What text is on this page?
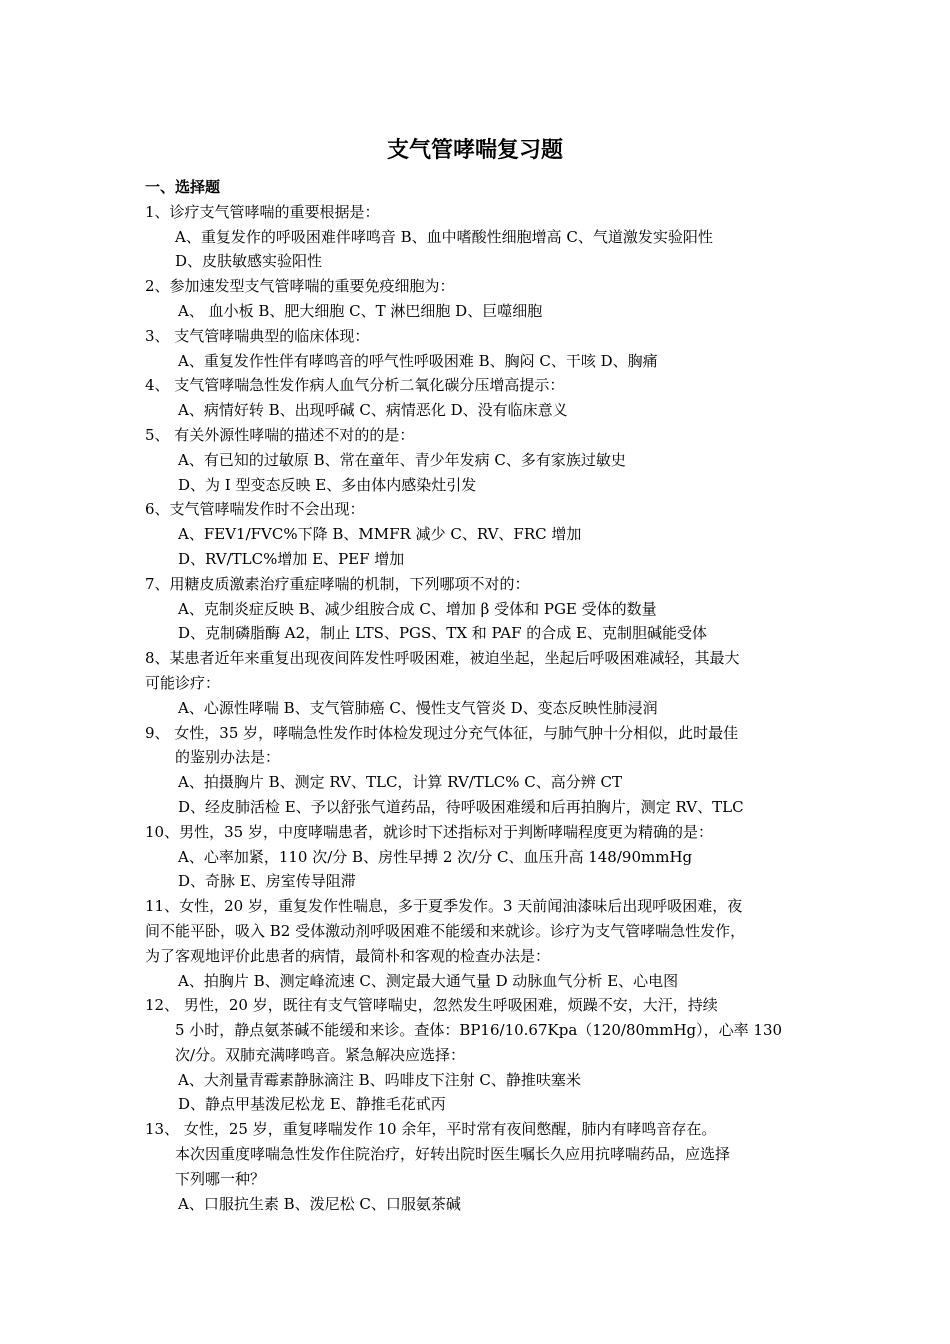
支气管哮喘复习题
一、选择题
1、诊疗支气管哮喘的重要根据是：
A、重复发作的呼吸困难伴哮鸣音 B、血中嗜酸性细胞增高 C、气道激发实验阳性
D、皮肤敏感实验阳性
2、参加速发型支气管哮喘的重要免疫细胞为：
A、 血小板 B、肥大细胞 C、T 淋巴细胞 D、巨噬细胞
3、 支气管哮喘典型的临床体现：
A、重复发作性伴有哮鸣音的呼气性呼吸困难 B、胸闷 C、干咳 D、胸痛
4、 支气管哮喘急性发作病人血气分析二氧化碳分压增高提示：
A、病情好转 B、出现呼碱 C、病情恶化 D、没有临床意义
5、 有关外源性哮喘的描述不对的的是：
A、有已知的过敏原 B、常在童年、青少年发病 C、多有家族过敏史
D、为 I 型变态反映 E、多由体内感染灶引发
6、支气管哮喘发作时不会出现：
A、FEV1/FVC%下降 B、MMFR 减少 C、RV、FRC 增加
D、RV/TLC%增加 E、PEF 增加
7、用糖皮质激素治疗重症哮喘的机制，下列哪项不对的：
A、克制炎症反映 B、减少组胺合成 C、增加 β 受体和 PGE 受体的数量
D、克制磷脂酶 A2，制止 LTS、PGS、TX 和 PAF 的合成 E、克制胆碱能受体
8、某患者近年来重复出现夜间阵发性呼吸困难，被迫坐起，坐起后呼吸困难减轻，其最大
可能诊疗：
A、心源性哮喘 B、支气管肺癌 C、慢性支气管炎 D、变态反映性肺浸润
9、 女性，35 岁，哮喘急性发作时体检发现过分充气体征，与肺气肿十分相似，此时最佳
的鉴别办法是：
A、拍摄胸片 B、测定 RV、TLC，计算 RV/TLC% C、高分辨 CT
D、经皮肺活检 E、予以舒张气道药品，待呼吸困难缓和后再拍胸片，测定 RV、TLC
10、男性，35 岁，中度哮喘患者，就诊时下述指标对于判断哮喘程度更为精确的是：
A、心率加紧，110 次/分 B、房性早搏 2 次/分 C、血压升高 148/90mmHg
D、奇脉 E、房室传导阻滞
11、女性，20 岁，重复发作性喘息，多于夏季发作。3 天前闻油漆味后出现呼吸困难，夜
间不能平卧，吸入 B2 受体激动剂呼吸困难不能缓和来就诊。诊疗为支气管哮喘急性发作，
为了客观地评价此患者的病情，最简朴和客观的检查办法是：
A、拍胸片 B、测定峰流速 C、测定最大通气量 D 动脉血气分析 E、心电图
12、 男性，20 岁，既往有支气管哮喘史，忽然发生呼吸困难，烦躁不安，大汗，持续
5 小时，静点氨茶碱不能缓和来诊。查体：BP16/10.67Kpa（120/80mmHg），心率 130
次/分。双肺充满哮鸣音。紧急解决应选择：
A、大剂量青霉素静脉滴注 B、吗啡皮下注射 C、静推呋塞米
D、静点甲基泼尼松龙 E、静推毛花甙丙
13、 女性，25 岁，重复哮喘发作 10 余年，平时常有夜间憋醒，肺内有哮鸣音存在。
本次因重度哮喘急性发作住院治疗，好转出院时医生嘱长久应用抗哮喘药品，应选择
下列哪一种？
A、口服抗生素 B、泼尼松 C、口服氨茶碱
